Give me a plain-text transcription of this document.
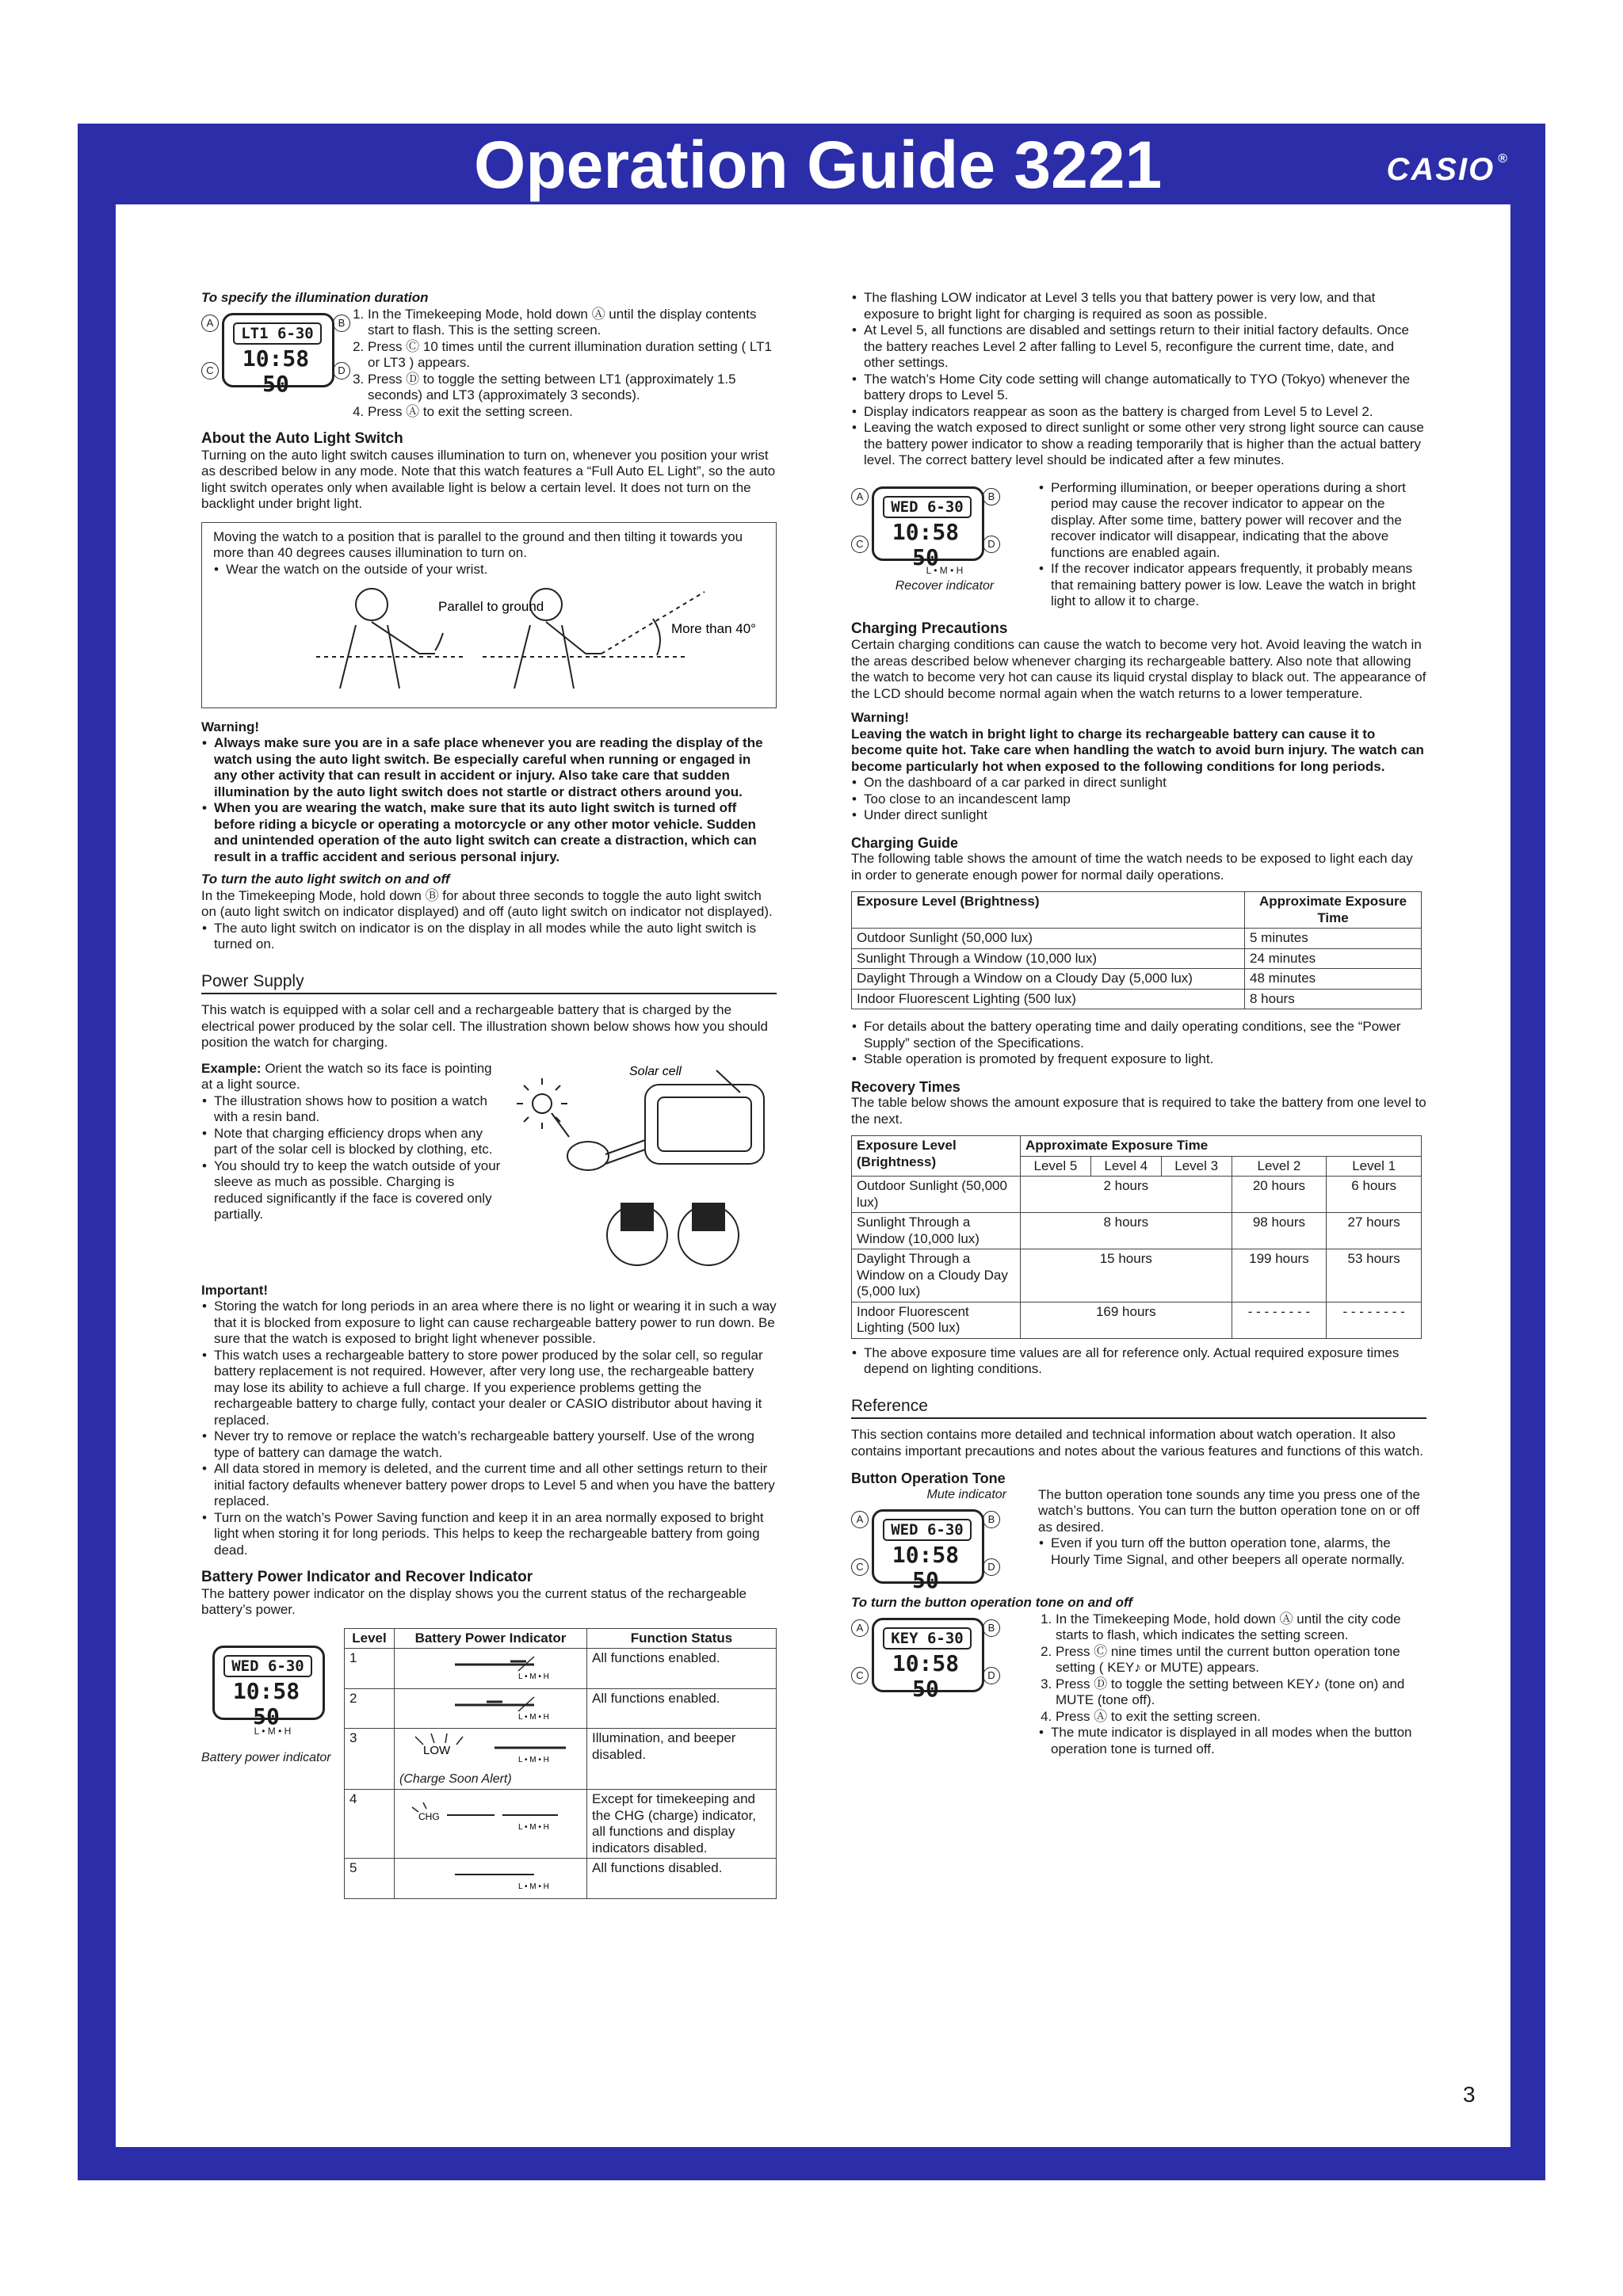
Operation Guide 3221	CASIO ®

To specify the illumination duration

LT1 6-30
10:58 50
A	B
C	D
1. In the Timekeeping Mode, hold down Ⓐ until the display contents start to flash. This is the setting screen.
2. Press Ⓒ 10 times until the current illumination duration setting ( LT1 or LT3 ) appears.
3. Press Ⓓ to toggle the setting between LT1 (approximately 1.5 seconds) and LT3 (approximately 3 seconds).
4. Press Ⓐ to exit the setting screen.

About the Auto Light Switch

Turning on the auto light switch causes illumination to turn on, whenever you position your wrist as described below in any mode. Note that this watch features a “Full Auto EL Light”, so the auto light switch operates only when available light is below a certain level. It does not turn on the backlight under bright light.

Moving the watch to a position that is parallel to the ground and then tilting it towards you more than 40 degrees causes illumination to turn on.

• Wear the watch on the outside of your wrist.
Parallel to ground
More than 40°

Warning!

• Always make sure you are in a safe place whenever you are reading the display of the watch using the auto light switch. Be especially careful when running or engaged in any other activity that can result in accident or injury. Also take care that sudden illumination by the auto light switch does not startle or distract others around you.
• When you are wearing the watch, make sure that its auto light switch is turned off before riding a bicycle or operating a motorcycle or any other motor vehicle. Sudden and unintended operation of the auto light switch can create a distraction, which can result in a traffic accident and serious personal injury.

To turn the auto light switch on and off

In the Timekeeping Mode, hold down Ⓑ for about three seconds to toggle the auto light switch on (auto light switch on indicator displayed) and off (auto light switch on indicator not displayed).

• The auto light switch on indicator is on the display in all modes while the auto light switch is turned on.

Power Supply

This watch is equipped with a solar cell and a rechargeable battery that is charged by the electrical power produced by the solar cell. The illustration shown below shows how you should position the watch for charging.

Example: Orient the watch so its face is pointing at a light source.

• The illustration shows how to position a watch with a resin band.
• Note that charging efficiency drops when any part of the solar cell is blocked by clothing, etc.
• You should try to keep the watch outside of your sleeve as much as possible. Charging is reduced significantly if the face is covered only partially.
Solar cell

Important!

• Storing the watch for long periods in an area where there is no light or wearing it in such a way that it is blocked from exposure to light can cause rechargeable battery power to run down. Be sure that the watch is exposed to bright light whenever possible.
• This watch uses a rechargeable battery to store power produced by the solar cell, so regular battery replacement is not required. However, after very long use, the rechargeable battery may lose its ability to achieve a full charge. If you experience problems getting the rechargeable battery to charge fully, contact your dealer or CASIO distributor about having it replaced.
• Never try to remove or replace the watch’s rechargeable battery yourself. Use of the wrong type of battery can damage the watch.
• All data stored in memory is deleted, and the current time and all other settings return to their initial factory defaults whenever battery power drops to Level 5 and when you have the battery replaced.
• Turn on the watch’s Power Saving function and keep it in an area normally exposed to bright light when storing it for long periods. This helps to keep the rechargeable battery from going dead.

Battery Power Indicator and Recover Indicator

The battery power indicator on the display shows you the current status of the rechargeable battery’s power.

WED 6-30
10:58 50

L • M • H

Battery power indicator

Level	Battery Power Indicator	Function Status
1	L • M • H	All functions enabled.
2	L • M • H	All functions enabled.
3	LOW
L • M • H

(Charge Soon Alert)	Illumination, and beeper disabled.
4	CHG
L • M • H	Except for timekeeping and the CHG (charge) indicator, all functions and display indicators disabled.
5	L • M • H	All functions disabled.
• The flashing LOW indicator at Level 3 tells you that battery power is very low, and that exposure to bright light for charging is required as soon as possible.
• At Level 5, all functions are disabled and settings return to their initial factory defaults. Once the battery reaches Level 2 after falling to Level 5, reconfigure the current time, date, and other settings.
• The watch’s Home City code setting will change automatically to TYO (Tokyo) whenever the battery drops to Level 5.
• Display indicators reappear as soon as the battery is charged from Level 5 to Level 2.
• Leaving the watch exposed to direct sunlight or some other very strong light source can cause the battery power indicator to show a reading temporarily that is higher than the actual battery level. The correct battery level should be indicated after a few minutes.
WED 6-30
10:58 50
A	B
C	D

L • M • H

Recover indicator

• Performing illumination, or beeper operations during a short period may cause the recover indicator to appear on the display. After some time, battery power will recover and the recover indicator will disappear, indicating that the above functions are enabled again.
• If the recover indicator appears frequently, it probably means that remaining battery power is low. Leave the watch in bright light to allow it to charge.

Charging Precautions

Certain charging conditions can cause the watch to become very hot. Avoid leaving the watch in the areas described below whenever charging its rechargeable battery. Also note that allowing the watch to become very hot can cause its liquid crystal display to black out. The appearance of the LCD should become normal again when the watch returns to a lower temperature.

Warning!

Leaving the watch in bright light to charge its rechargeable battery can cause it to become quite hot. Take care when handling the watch to avoid burn injury. The watch can become particularly hot when exposed to the following conditions for long periods.

• On the dashboard of a car parked in direct sunlight
• Too close to an incandescent lamp
• Under direct sunlight

Charging Guide

The following table shows the amount of time the watch needs to be exposed to light each day in order to generate enough power for normal daily operations.

Exposure Level (Brightness)	Approximate Exposure Time
Outdoor Sunlight (50,000 lux)	5 minutes
Sunlight Through a Window (10,000 lux)	24 minutes
Daylight Through a Window on a Cloudy Day (5,000 lux)	48 minutes
Indoor Fluorescent Lighting (500 lux)	8 hours
• For details about the battery operating time and daily operating conditions, see the “Power Supply” section of the Specifications.
• Stable operation is promoted by frequent exposure to light.

Recovery Times

The table below shows the amount exposure that is required to take the battery from one level to the next.

Exposure Level (Brightness)	Approximate Exposure Time				
	Level 5	Level 4	Level 3	Level 2	Level 1
Outdoor Sunlight (50,000 lux)	2 hours			20 hours	6 hours
Sunlight Through a Window (10,000 lux)	8 hours			98 hours	27 hours
Daylight Through a Window on a Cloudy Day (5,000 lux)	15 hours			199 hours	53 hours
Indoor Fluorescent Lighting (500 lux)	169 hours			- - - - - - - -	- - - - - - - -
• The above exposure time values are all for reference only. Actual required exposure times depend on lighting conditions.

Reference

This section contains more detailed and technical information about watch operation. It also contains important precautions and notes about the various features and functions of this watch.

Button Operation Tone

Mute indicator

WED 6-30
10:58 50
A	B
C	D

The button operation tone sounds any time you press one of the watch’s buttons. You can turn the button operation tone on or off as desired.

• Even if you turn off the button operation tone, alarms, the Hourly Time Signal, and other beepers all operate normally.

To turn the button operation tone on and off

KEY 6-30
10:58 50
A	B
C	D
1. In the Timekeeping Mode, hold down Ⓐ until the city code starts to flash, which indicates the setting screen.
2. Press Ⓒ nine times until the current button operation tone setting ( KEY♪ or MUTE) appears.
3. Press Ⓓ to toggle the setting between KEY♪ (tone on) and MUTE (tone off).
4. Press Ⓐ to exit the setting screen.
• The mute indicator is displayed in all modes when the button operation tone is turned off.
3
